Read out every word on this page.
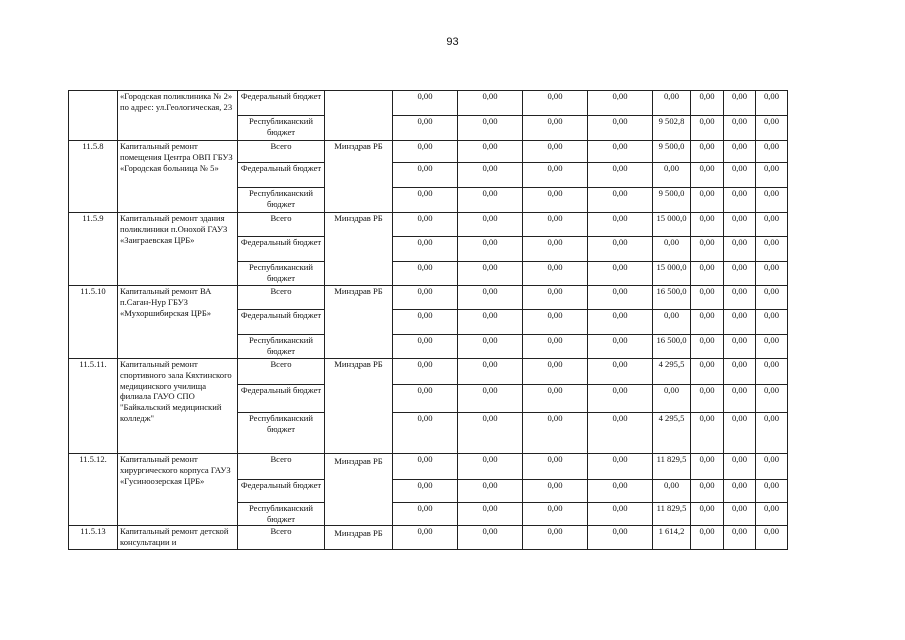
93
	«Городская поликлиника № 2» по адрес: ул.Геологическая, 23	Федеральный бюджет		0,00	0,00	0,00	0,00	0,00	0,00	0,00	0,00
		Республиканский бюджет		0,00	0,00	0,00	0,00	9 502,8	0,00	0,00	0,00
11.5.8	Капитальный ремонт помещения Центра ОВП ГБУЗ «Городская больница № 5»	Всего	Минздрав РБ	0,00	0,00	0,00	0,00	9 500,0	0,00	0,00	0,00
		Федеральный бюджет		0,00	0,00	0,00	0,00	0,00	0,00	0,00	0,00
		Республиканский бюджет		0,00	0,00	0,00	0,00	9 500,0	0,00	0,00	0,00
11.5.9	Капитальный ремонт здания поликлиники п.Онохой ГАУЗ «Заиграевская ЦРБ»	Всего	Минздрав РБ	0,00	0,00	0,00	0,00	15 000,0	0,00	0,00	0,00
		Федеральный бюджет		0,00	0,00	0,00	0,00	0,00	0,00	0,00	0,00
		Республиканский бюджет		0,00	0,00	0,00	0,00	15 000,0	0,00	0,00	0,00
11.5.10	Капитальный ремонт ВА п.Саган-Нур ГБУЗ «Мухоршибирская ЦРБ»	Всего	Минздрав РБ	0,00	0,00	0,00	0,00	16 500,0	0,00	0,00	0,00
		Федеральный бюджет		0,00	0,00	0,00	0,00	0,00	0,00	0,00	0,00
		Республиканский бюджет		0,00	0,00	0,00	0,00	16 500,0	0,00	0,00	0,00
11.5.11.	Капитальный ремонт спортивного зала Кяхтинского медицинского училища филиала ГАУО СПО "Байкальский медицинский колледж"	Всего	Минздрав РБ	0,00	0,00	0,00	0,00	4 295,5	0,00	0,00	0,00
		Федеральный бюджет		0,00	0,00	0,00	0,00	0,00	0,00	0,00	0,00
		Республиканский бюджет		0,00	0,00	0,00	0,00	4 295,5	0,00	0,00	0,00
11.5.12.	Капитальный ремонт хирургического корпуса ГАУЗ «Гусиноозерская ЦРБ»	Всего	Минздрав РБ	0,00	0,00	0,00	0,00	11 829,5	0,00	0,00	0,00
		Федеральный бюджет		0,00	0,00	0,00	0,00	0,00	0,00	0,00	0,00
		Республиканский бюджет		0,00	0,00	0,00	0,00	11 829,5	0,00	0,00	0,00
11.5.13	Капитальный ремонт детской консультации и	Всего	Минздрав РБ	0,00	0,00	0,00	0,00	1 614,2	0,00	0,00	0,00
